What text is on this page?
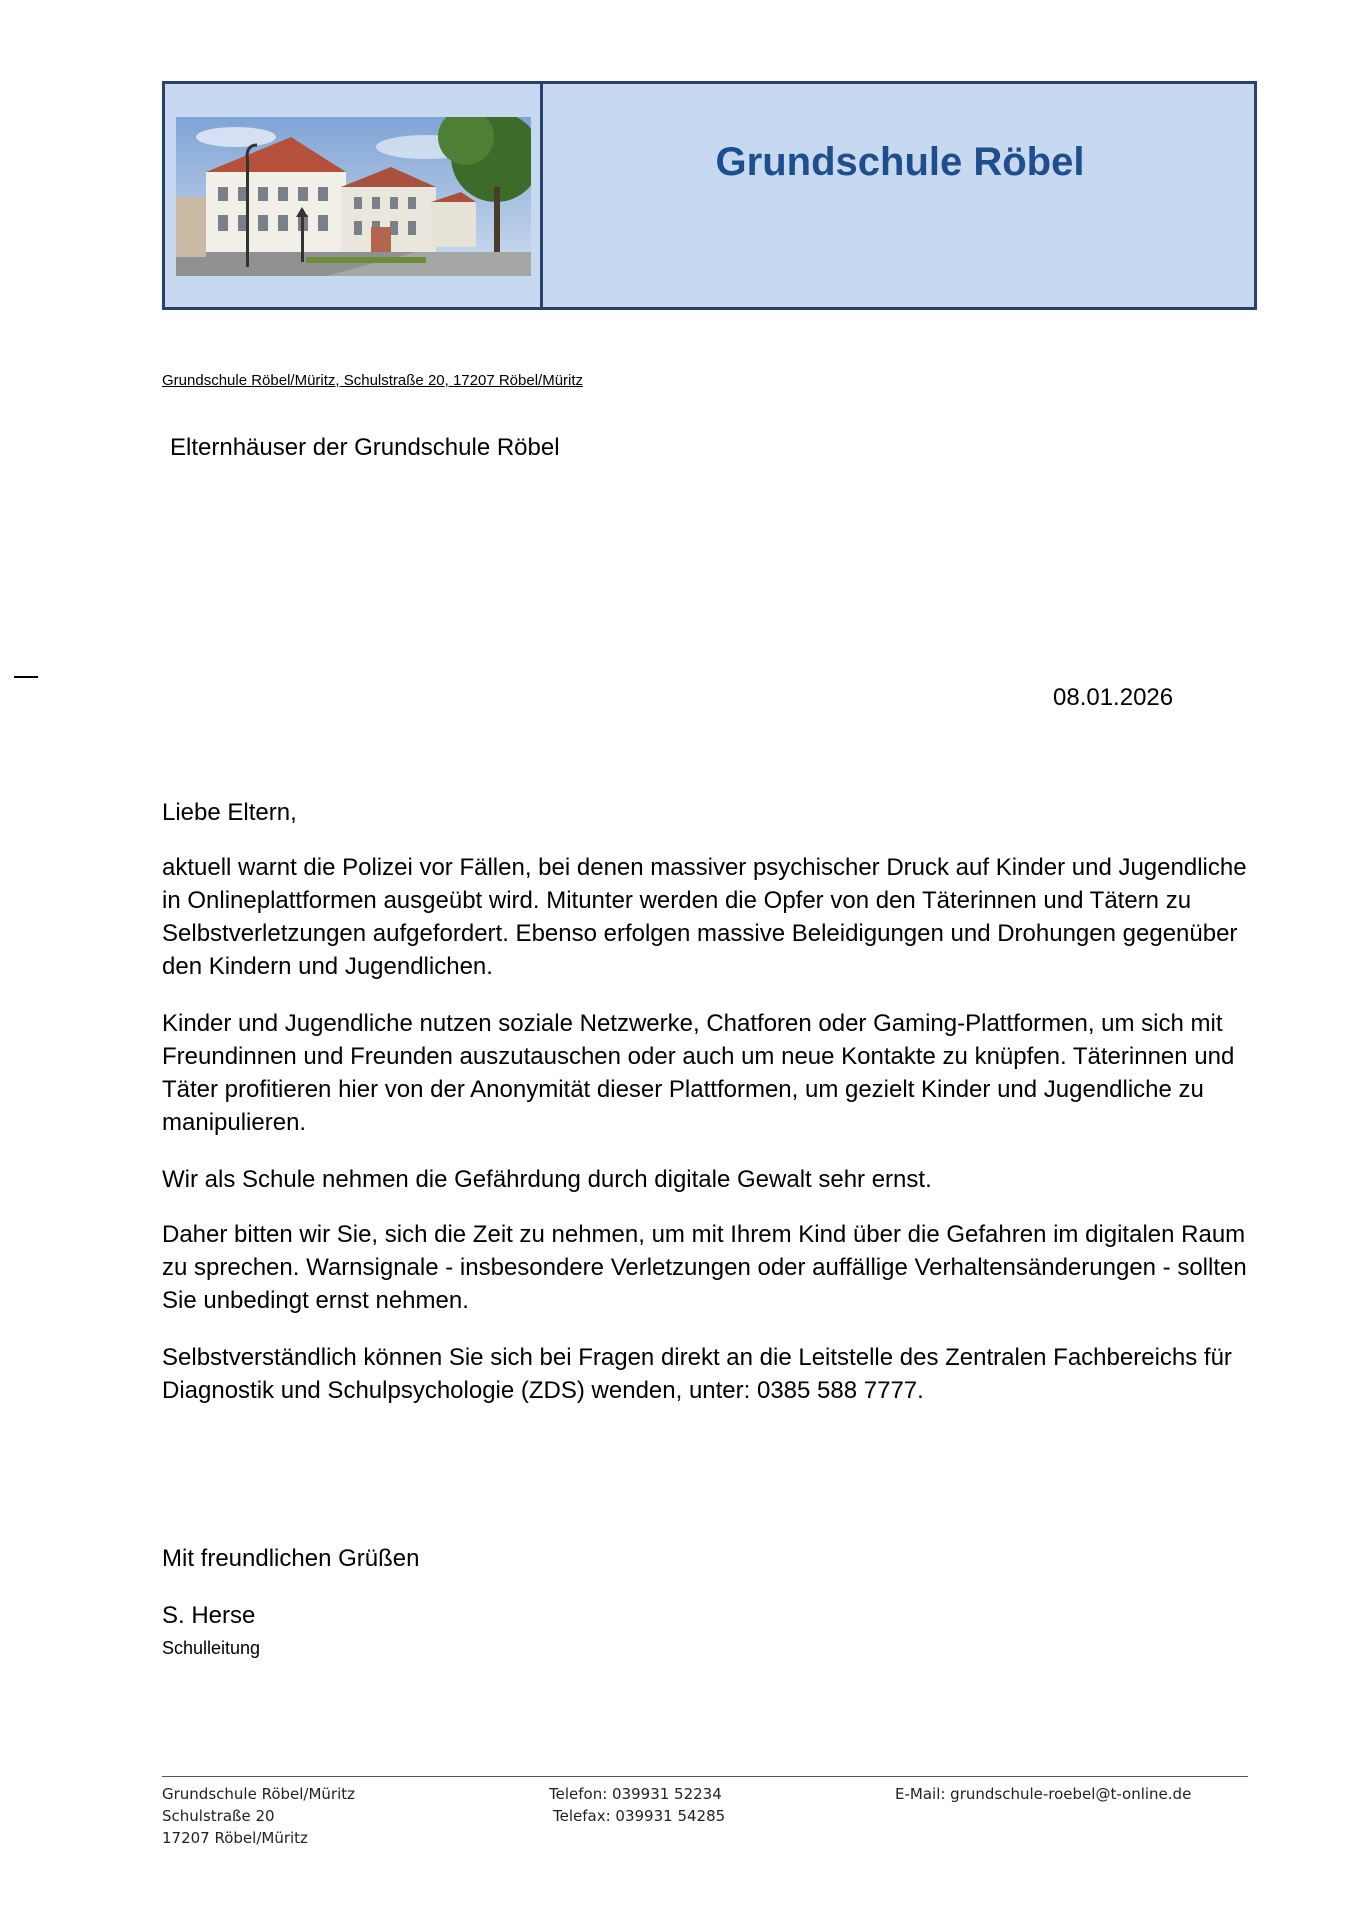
Grundschule Röbel
Grundschule Röbel/Müritz, Schulstraße 20, 17207 Röbel/Müritz
Elternhäuser der Grundschule Röbel
08.01.2026

Liebe Eltern,

aktuell warnt die Polizei vor Fällen, bei denen massiver psychischer Druck auf Kinder und Jugendliche in Onlineplattformen ausgeübt wird. Mitunter werden die Opfer von den Täterinnen und Tätern zu Selbstverletzungen aufgefordert. Ebenso erfolgen massive Beleidigungen und Drohungen gegenüber den Kindern und Jugendlichen.

Kinder und Jugendliche nutzen soziale Netzwerke, Chatforen oder Gaming-Plattformen, um sich mit Freundinnen und Freunden auszutauschen oder auch um neue Kontakte zu knüpfen. Täterinnen und Täter profitieren hier von der Anonymität dieser Plattformen, um gezielt Kinder und Jugendliche zu manipulieren.

Wir als Schule nehmen die Gefährdung durch digitale Gewalt sehr ernst.

Daher bitten wir Sie, sich die Zeit zu nehmen, um mit Ihrem Kind über die Gefahren im digitalen Raum zu sprechen. Warnsignale - insbesondere Verletzungen oder auffällige Verhaltensänderungen - sollten Sie unbedingt ernst nehmen.

Selbstverständlich können Sie sich bei Fragen direkt an die Leitstelle des Zentralen Fachbereichs für Diagnostik und Schulpsychologie (ZDS) wenden, unter: 0385 588 7777.

Mit freundlichen Grüßen
S. Herse
Schulleitung
Grundschule Röbel/Müritz
Schulstraße 20
17207 Röbel/Müritz
Telefon: 039931 52234
Telefax: 039931 54285
E-Mail: grundschule-roebel@t-online.de
